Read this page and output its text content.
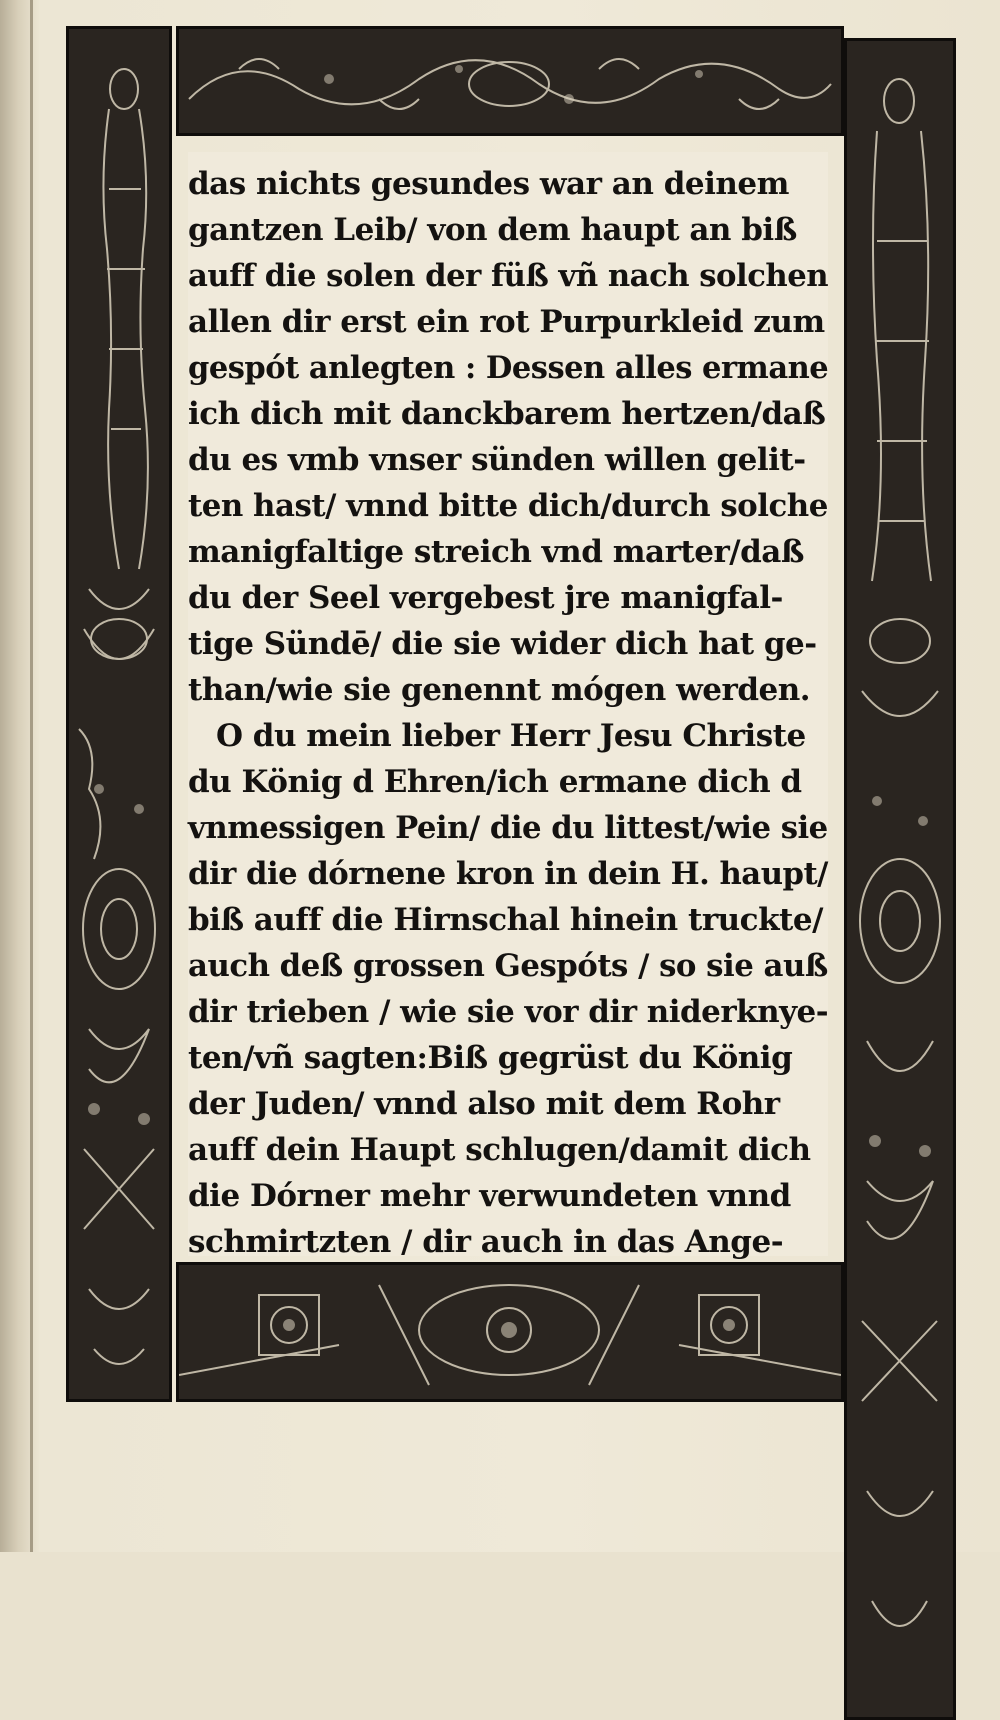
das nichts gesundes war an deinem
gantzen Leib/ von dem haupt an biß
auff die solen der füß vñ nach solchen
allen dir erst ein rot Purpurkleid zum
gespót anlegten : Dessen alles ermane
ich dich mit danckbarem hertzen/daß
du es vmb vnser sünden willen gelit-
ten hast/ vnnd bitte dich/durch solche
manigfaltige streich vnd marter/daß
du der Seel vergebest jre manigfal-
tige Sündē/ die sie wider dich hat ge-
than/wie sie genennt mógen werden.
O du mein lieber Herr Jesu Christe
du König d Ehren/ich ermane dich d
vnmessigen Pein/ die du littest/wie sie
dir die dórnene kron in dein H. haupt/
biß auff die Hirnschal hinein truckte/
auch deß grossen Gespóts / so sie auß
dir trieben / wie sie vor dir niderknye-
ten/vñ sagten:Biß gegrüst du König
der Juden/ vnnd also mit dem Rohr
auff dein Haupt schlugen/damit dich
die Dórner mehr verwundeten vnnd
schmirtzten / dir auch in das Ange-
